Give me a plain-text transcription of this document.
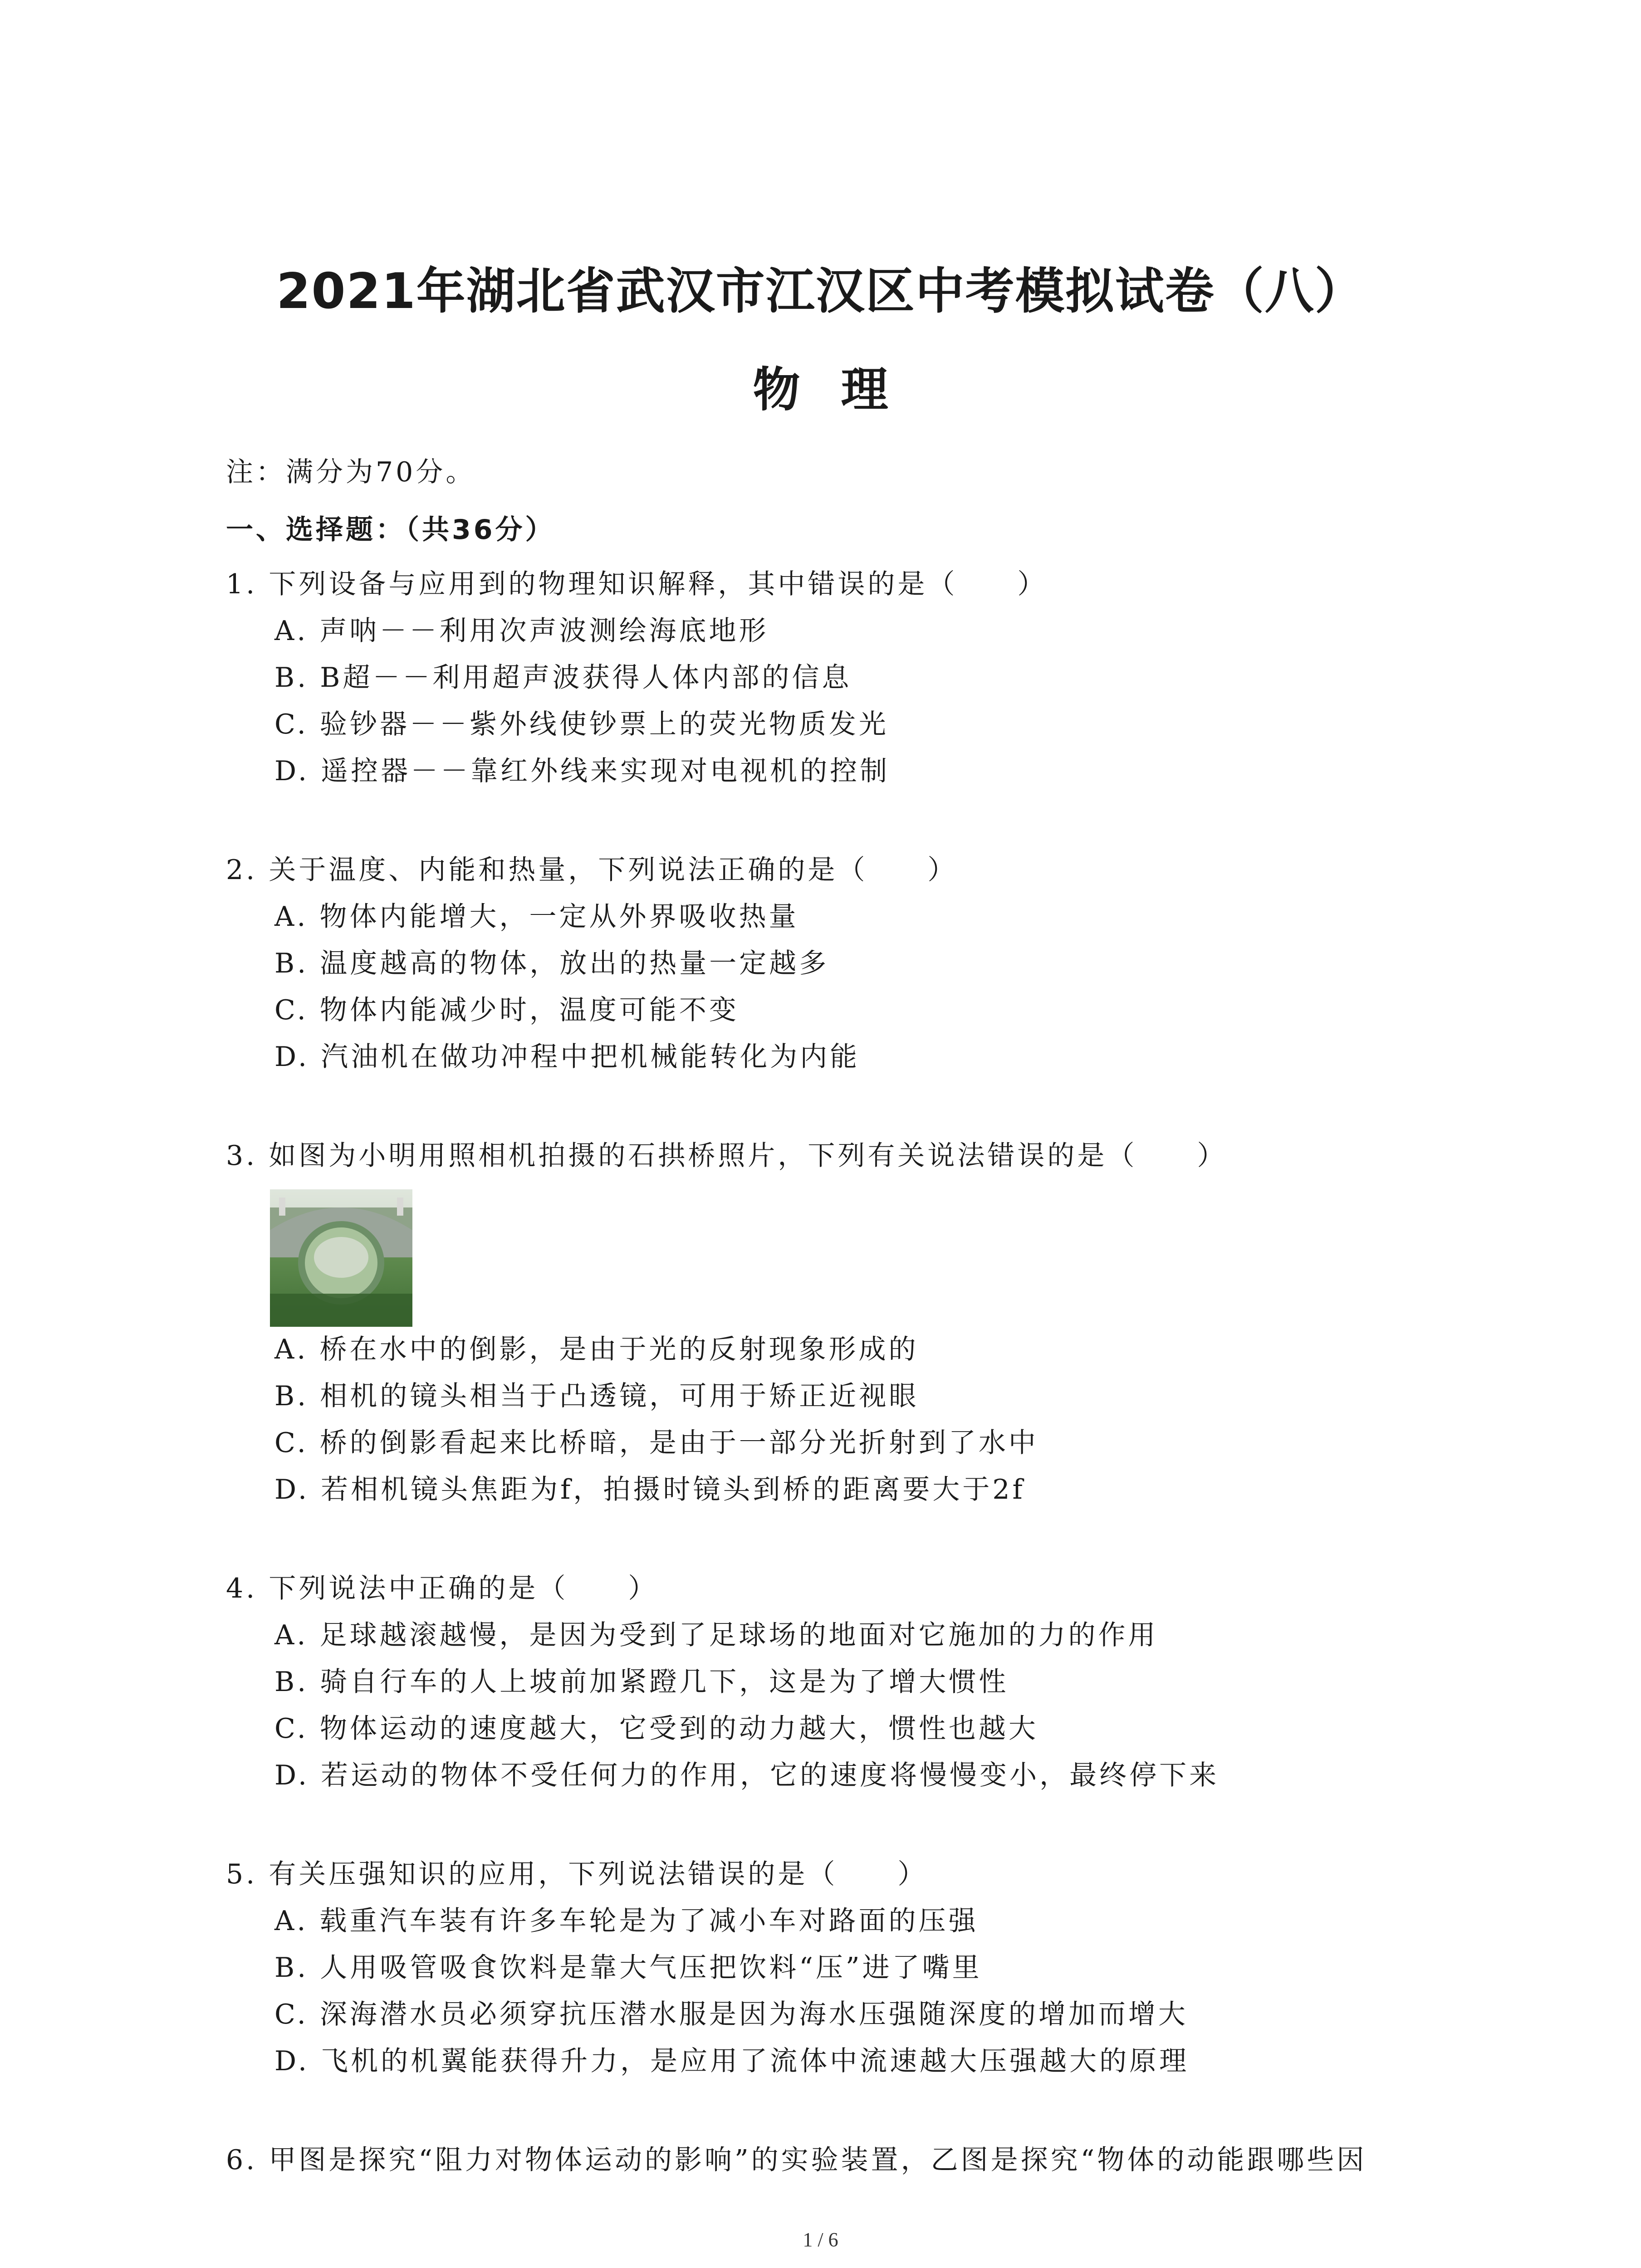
2021年湖北省武汉市江汉区中考模拟试卷（八）
物理
注：满分为70分。
一、选择题：（共36分）
1. 下列设备与应用到的物理知识解释，其中错误的是（　　）
A. 声呐－－利用次声波测绘海底地形
B. B超－－利用超声波获得人体内部的信息
C. 验钞器－－紫外线使钞票上的荧光物质发光
D. 遥控器－－靠红外线来实现对电视机的控制
2. 关于温度、内能和热量，下列说法正确的是（　　）
A. 物体内能增大，一定从外界吸收热量
B. 温度越高的物体，放出的热量一定越多
C. 物体内能减少时，温度可能不变
D. 汽油机在做功冲程中把机械能转化为内能
3. 如图为小明用照相机拍摄的石拱桥照片，下列有关说法错误的是（　　）
A. 桥在水中的倒影，是由于光的反射现象形成的
B. 相机的镜头相当于凸透镜，可用于矫正近视眼
C. 桥的倒影看起来比桥暗，是由于一部分光折射到了水中
D. 若相机镜头焦距为f，拍摄时镜头到桥的距离要大于2f
4. 下列说法中正确的是（　　）
A. 足球越滚越慢，是因为受到了足球场的地面对它施加的力的作用
B. 骑自行车的人上坡前加紧蹬几下，这是为了增大惯性
C. 物体运动的速度越大，它受到的动力越大，惯性也越大
D. 若运动的物体不受任何力的作用，它的速度将慢慢变小，最终停下来
5. 有关压强知识的应用，下列说法错误的是（　　）
A. 载重汽车装有许多车轮是为了减小车对路面的压强
B. 人用吸管吸食饮料是靠大气压把饮料“压”进了嘴里
C. 深海潜水员必须穿抗压潜水服是因为海水压强随深度的增加而增大
D. 飞机的机翼能获得升力，是应用了流体中流速越大压强越大的原理
6. 甲图是探究“阻力对物体运动的影响”的实验装置，乙图是探究“物体的动能跟哪些因
1 / 6
